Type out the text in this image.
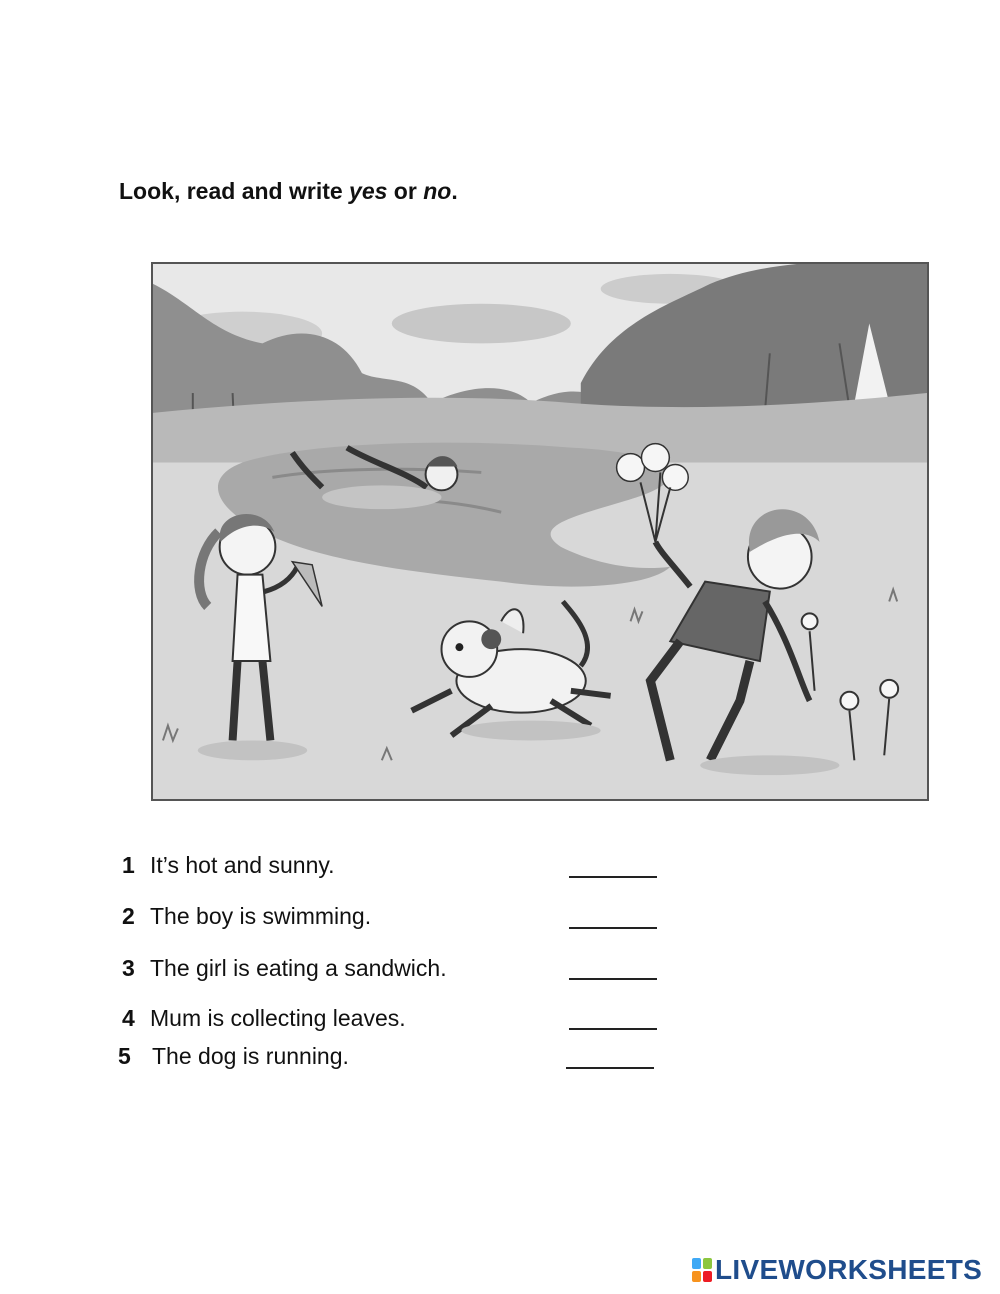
Look, read and write yes or no.
1 It’s hot and sunny.
2 The boy is swimming.
3 The girl is eating a sandwich.
4 Mum is collecting leaves.
5 The dog is running.
LIVEWORKSHEETS
